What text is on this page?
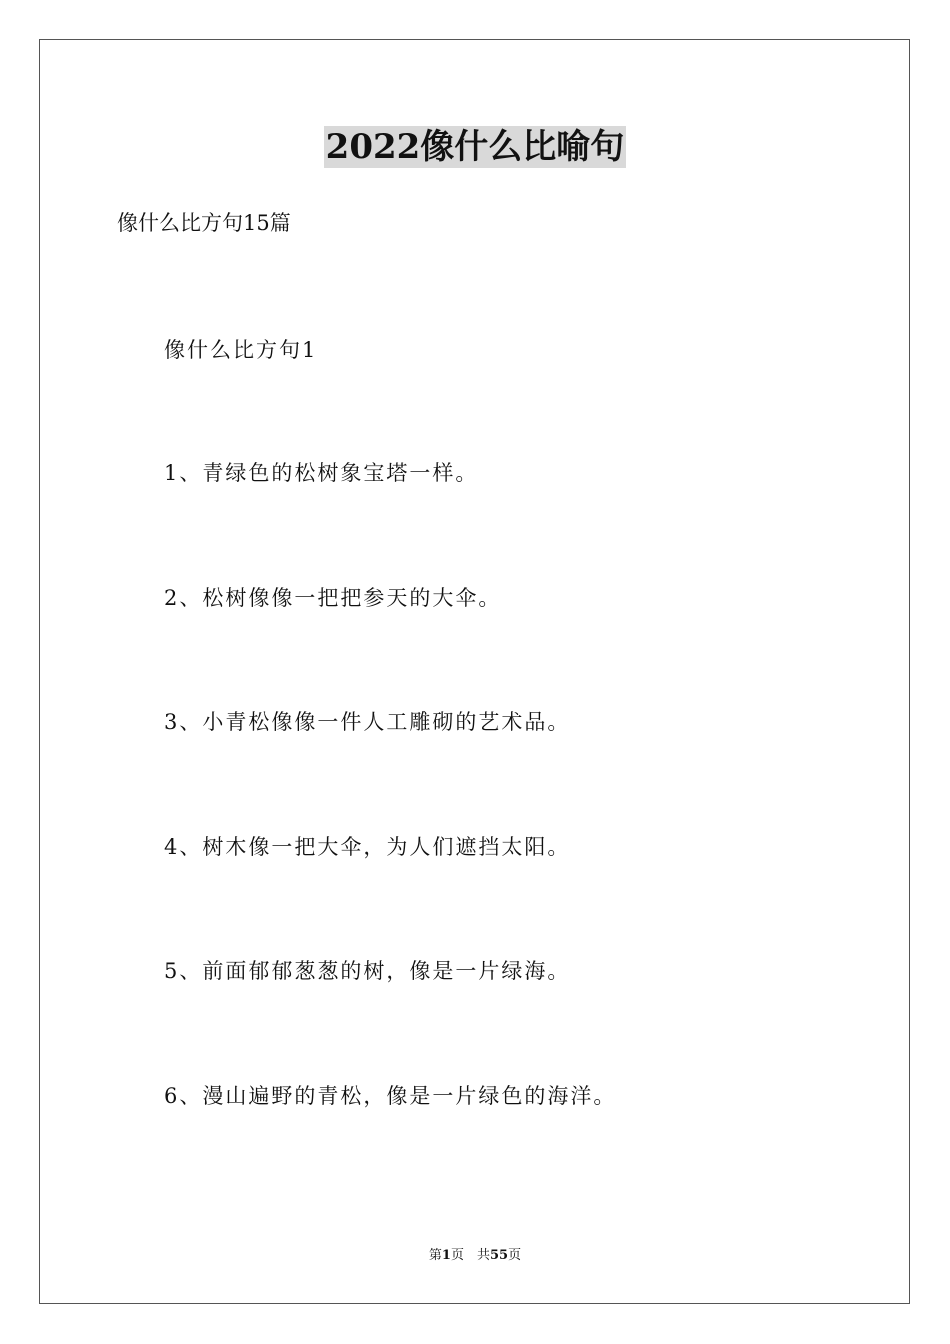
2022像什么比喻句
像什么比方句15篇
像什么比方句1
1、青绿色的松树象宝塔一样。
2、松树像像一把把参天的大伞。
3、小青松像像一件人工雕砌的艺术品。
4、树木像一把大伞，为人们遮挡太阳。
5、前面郁郁葱葱的树，像是一片绿海。
6、漫山遍野的青松，像是一片绿色的海洋。
第1页　共55页
